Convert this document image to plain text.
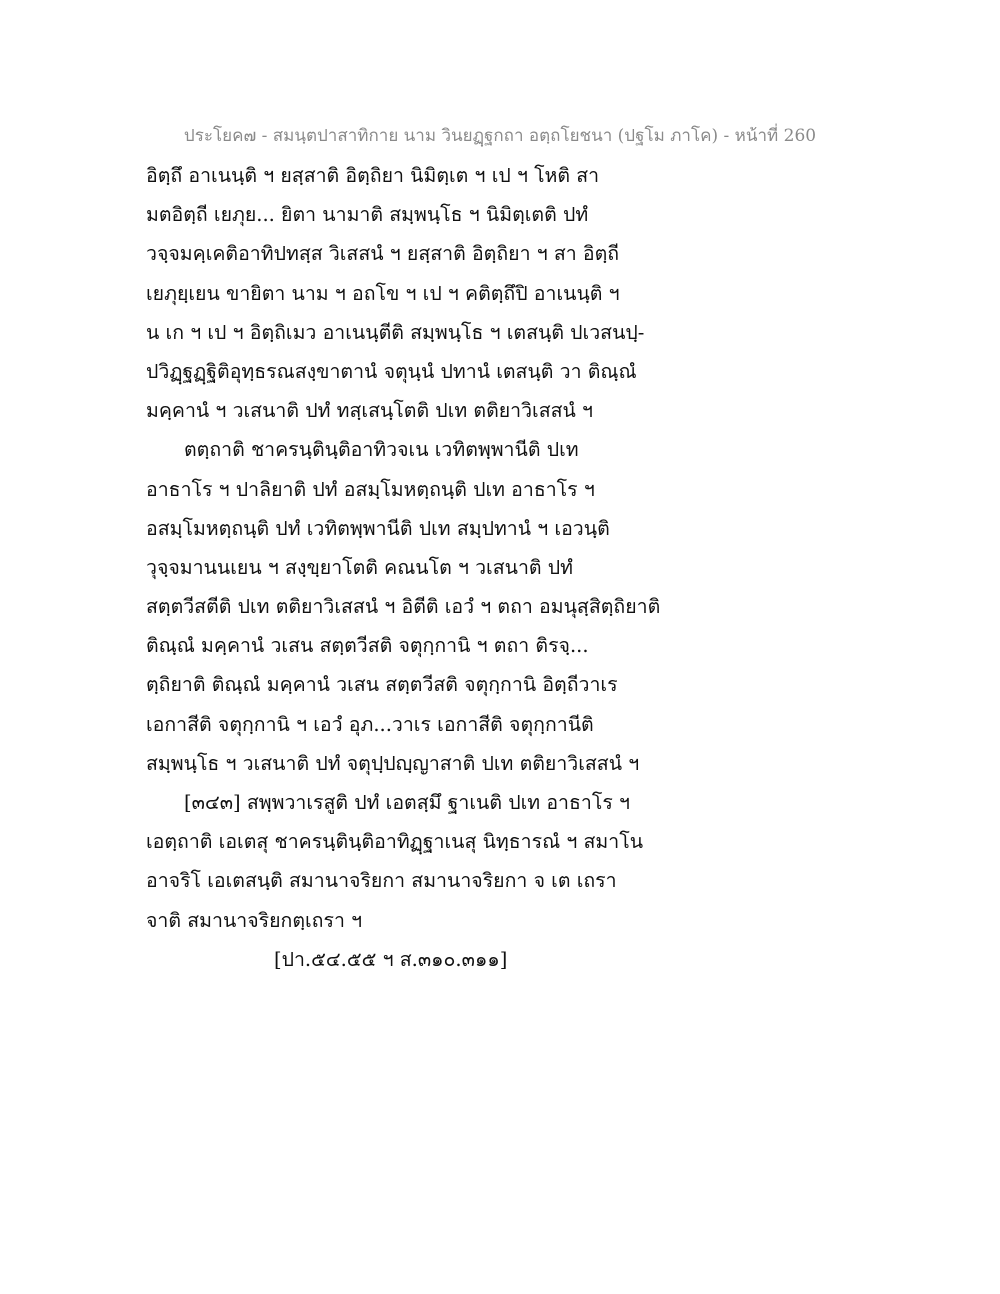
ประโยค๗ - สมนฺตปาสาทิกาย นาม วินยฏฺฐกถา อตฺถโยชนา (ปฐโม ภาโค) - หน้าที่ 260
อิตฺถึ อาเนนฺติ ฯ ยสฺสาติ อิตฺถิยา นิมิตฺเต ฯ เป ฯ โหติ สา
มตอิตฺถี เยภุย... ยิตา นามาติ สมฺพนฺโธ ฯ นิมิตฺเตติ ปทํ
วจฺจมคฺเคติอาทิปทสฺส วิเสสนํ ฯ ยสฺสาติ อิตฺถิยา ฯ สา อิตฺถี
เยภุยฺเยน ขายิตา นาม ฯ อถโข ฯ เป ฯ คติตฺถึปิ อาเนนฺติ ฯ
น เก ฯ เป ฯ อิตฺถิเมว อาเนนฺตีติ สมฺพนฺโธ ฯ เตสนฺติ ปเวสนปฺ-
ปวิฏฺฐฏฺฐิติอุทฺธรณสงฺขาตานํ จตุนฺนํ ปทานํ เตสนฺติ วา ติณฺณํ
มคฺคานํ ฯ วเสนาติ ปทํ ทสฺเสนฺโตติ ปเท ตติยาวิเสสนํ ฯ
ตตฺถาติ ชาครนฺตินฺติอาทิวจเน เวทิตพฺพานีติ ปเท
อาธาโร ฯ ปาลิยาติ ปทํ อสมฺโมหตฺถนฺติ ปเท อาธาโร ฯ
อสมฺโมหตฺถนฺติ ปทํ เวทิตพฺพานีติ ปเท สมฺปทานํ ฯ เอวนฺติ
วุจฺจมานนเยน ฯ สงฺขฺยาโตติ คณนโต ฯ วเสนาติ ปทํ
สตฺตวีสตีติ ปเท ตติยาวิเสสนํ ฯ อิตีติ เอวํ ฯ ตถา อมนุสฺสิตฺถิยาติ
ติณฺณํ มคฺคานํ วเสน สตฺตวีสติ จตุกฺกานิ ฯ ตถา ติรจฺ...
ตฺถิยาติ ติณฺณํ มคฺคานํ วเสน สตฺตวีสติ จตุกฺกานิ อิตฺถีวาเร
เอกาสีติ จตุกฺกานิ ฯ เอวํ อุภ...วาเร เอกาสีติ จตุกฺกานีติ
สมฺพนฺโธ ฯ วเสนาติ ปทํ จตุปฺปญฺญาสาติ ปเท ตติยาวิเสสนํ ฯ
[๓๔๓] สพฺพวาเรสูติ ปทํ เอตสฺมึ ฐาเนติ ปเท อาธาโร ฯ
เอตฺถาติ เอเตสุ ชาครนฺตินฺติอาทิฏฺฐาเนสุ นิทฺธารณํ ฯ สมาโน
อาจริโ เอเตสนฺติ สมานาจริยกา สมานาจริยกา จ เต เถรา
จาติ สมานาจริยกตฺเถรา ฯ
[ปา.๕๔.๕๕ ฯ ส.๓๑๐.๓๑๑]
